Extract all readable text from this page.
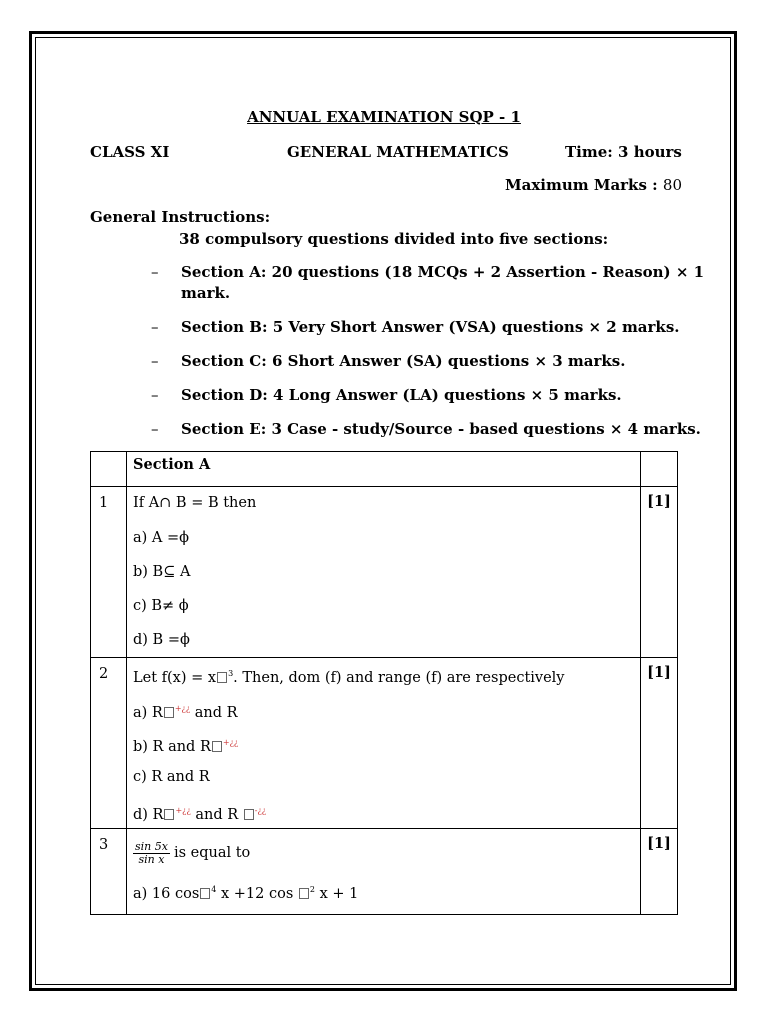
ANNUAL EXAMINATION SQP - 1
CLASS XI	GENERAL MATHEMATICS	Time: 3 hours
Maximum Marks : 80
General Instructions:
38 compulsory questions divided into five sections:
– Section A: 20 questions (18 MCQs + 2 Assertion - Reason) × 1
mark.
– Section B: 5 Very Short Answer (VSA) questions × 2 marks.
– Section C: 6 Short Answer (SA) questions × 3 marks.
– Section D: 4 Long Answer (LA) questions × 5 marks.
– Section E: 3 Case - study/Source - based questions × 4 marks.
	Section A	
1	If A∩ B = B then
a) A =ϕ
b) B⊆ A
c) B≠ ϕ
d) B =ϕ	[1]
2	Let f(x) = x $^3$. Then, dom (f) and range (f) are respectively
a) R +¿¿ and R
b) R and R +¿¿
c) R and R
d) R +¿¿ and R -¿¿	[1]
3	$\frac{\sin 5x}{\text{sin x}}$ is equal to
a) 16 cos $^4$ x +12 cos $^2$ x + 1	[1]
